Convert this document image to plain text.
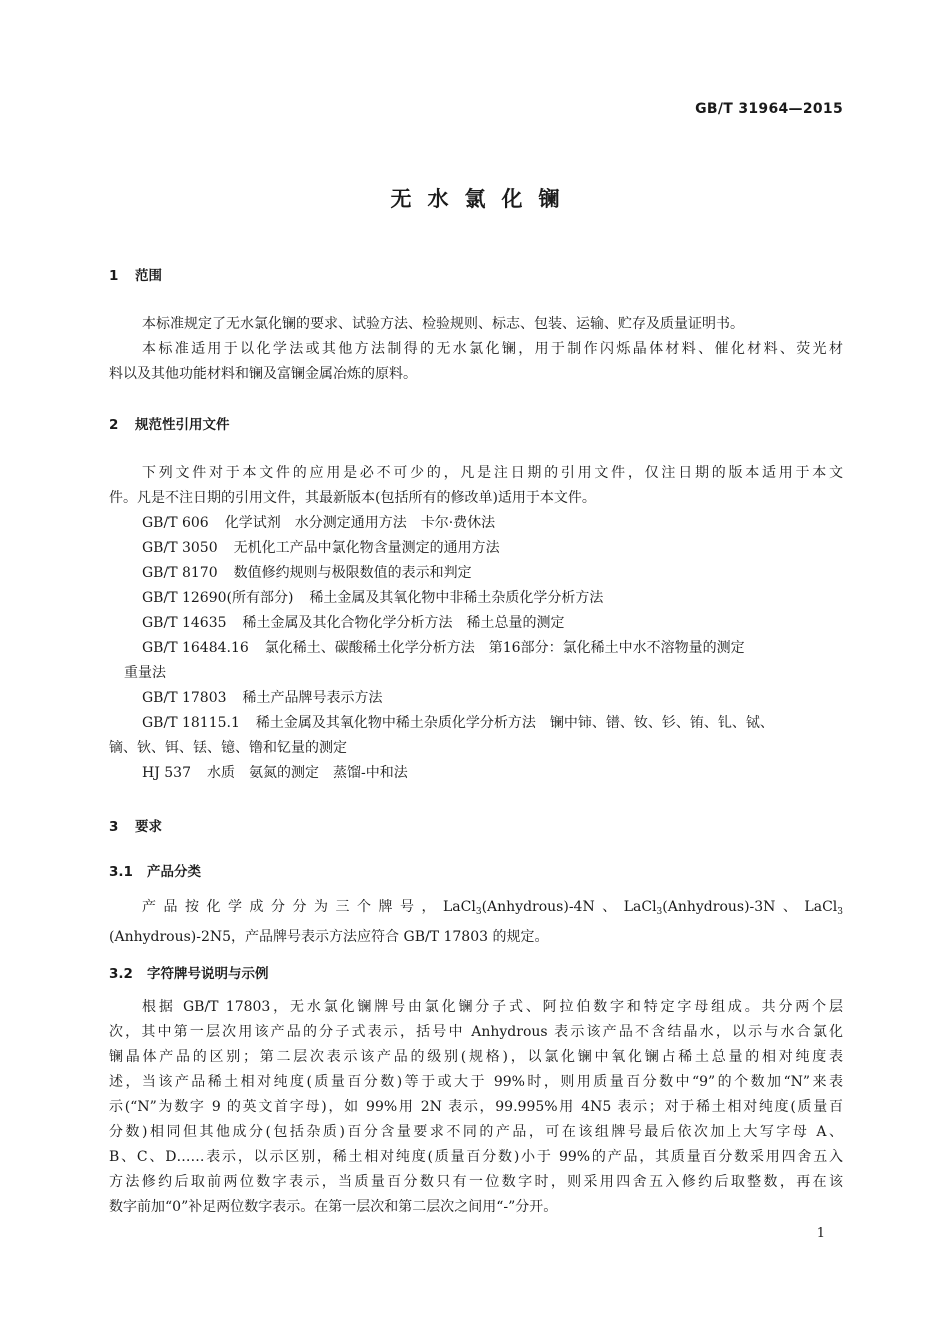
GB/T 31964—2015
无水氯化镧
1 范围
本标准规定了无水氯化镧的要求、试验方法、检验规则、标志、包装、运输、贮存及质量证明书。
本标准适用于以化学法或其他方法制得的无水氯化镧，用于制作闪烁晶体材料、催化材料、荧光材
料以及其他功能材料和镧及富镧金属冶炼的原料。
2 规范性引用文件
下列文件对于本文件的应用是必不可少的，凡是注日期的引用文件，仅注日期的版本适用于本文
件。凡是不注日期的引用文件，其最新版本(包括所有的修改单)适用于本文件。
GB/T 606 化学试剂　水分测定通用方法　卡尔·费休法
GB/T 3050 无机化工产品中氯化物含量测定的通用方法
GB/T 8170 数值修约规则与极限数值的表示和判定
GB/T 12690(所有部分) 稀土金属及其氧化物中非稀土杂质化学分析方法
GB/T 14635 稀土金属及其化合物化学分析方法　稀土总量的测定
GB/T 16484.16 氯化稀土、碳酸稀土化学分析方法　第16部分：氯化稀土中水不溶物量的测定
重量法
GB/T 17803 稀土产品牌号表示方法
GB/T 18115.1 稀土金属及其氧化物中稀土杂质化学分析方法　镧中铈、镨、钕、钐、铕、钆、铽、
镝、钬、铒、铥、镱、镥和钇量的测定
HJ 537 水质　氨氮的测定　蒸馏-中和法
3 要求
3.1 产品分类
产品按化学成分分为三个牌号，LaCl$_3$(Anhydrous)-4N、LaCl$_3$(Anhydrous)-3N、LaCl$_3$
(Anhydrous)-2N5，产品牌号表示方法应符合 GB/T 17803 的规定。
3.2 字符牌号说明与示例
根据 GB/T 17803，无水氯化镧牌号由氯化镧分子式、阿拉伯数字和特定字母组成。共分两个层
次，其中第一层次用该产品的分子式表示，括号中 Anhydrous 表示该产品不含结晶水，以示与水合氯化
镧晶体产品的区别；第二层次表示该产品的级别(规格)，以氯化镧中氧化镧占稀土总量的相对纯度表
述，当该产品稀土相对纯度(质量百分数)等于或大于 99%时，则用质量百分数中“9”的个数加“N”来表
示(“N”为数字 9 的英文首字母)，如 99%用 2N 表示，99.995%用 4N5 表示；对于稀土相对纯度(质量百
分数)相同但其他成分(包括杂质)百分含量要求不同的产品，可在该组牌号最后依次加上大写字母 A、
B、C、D……表示，以示区别，稀土相对纯度(质量百分数)小于 99%的产品，其质量百分数采用四舍五入
方法修约后取前两位数字表示，当质量百分数只有一位数字时，则采用四舍五入修约后取整数，再在该
数字前加“0”补足两位数字表示。在第一层次和第二层次之间用“-”分开。
1
